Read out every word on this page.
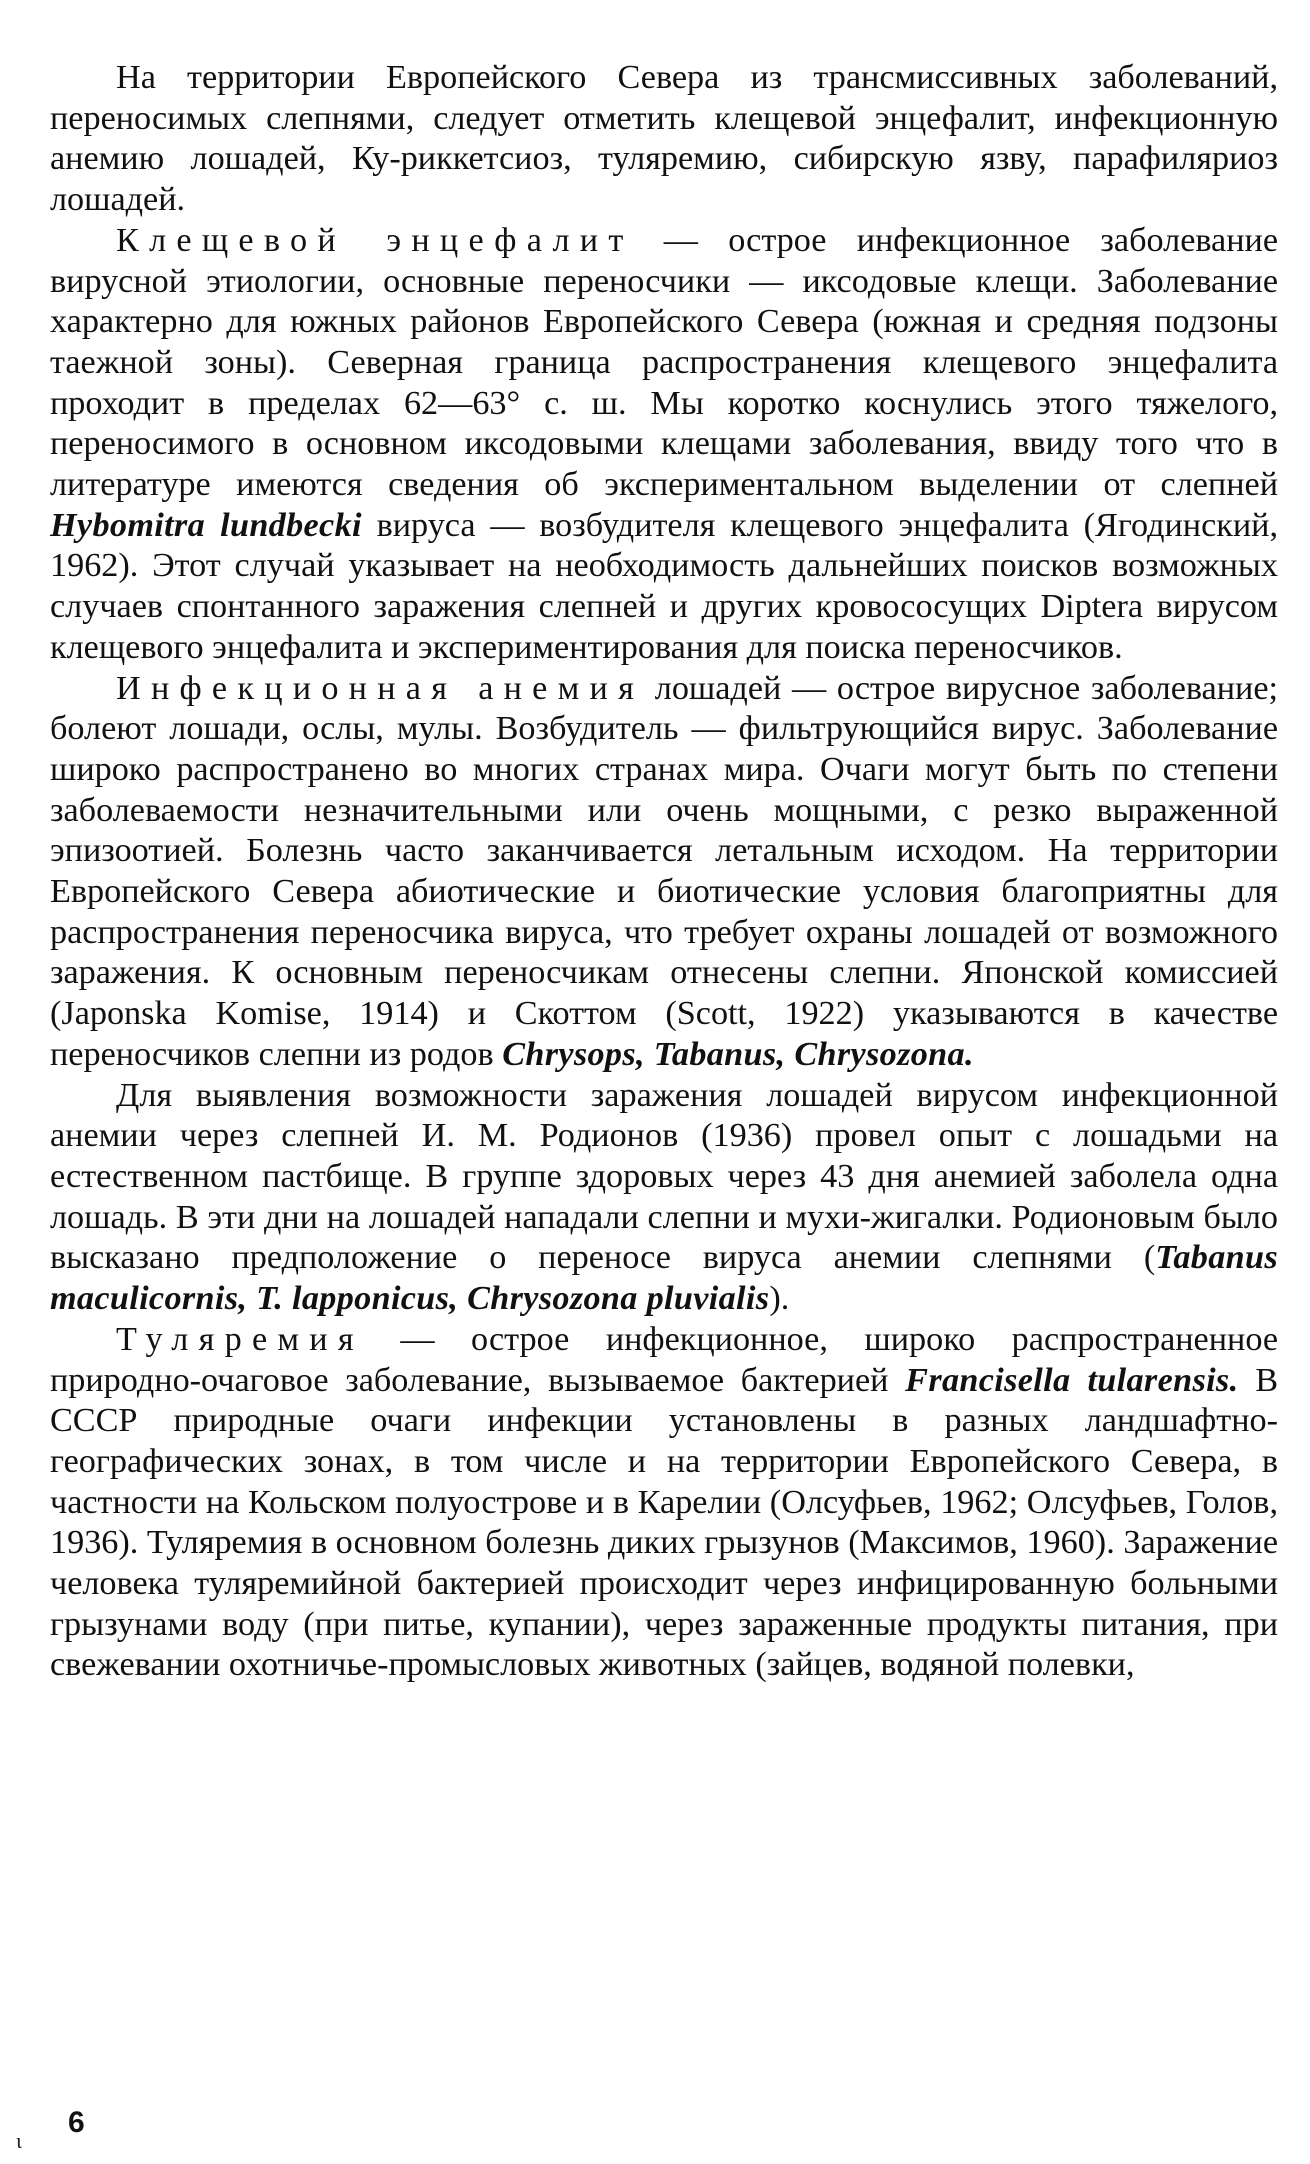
На территории Европейского Севера из трансмиссивных заболеваний, переносимых слепнями, следует отметить клещевой энцефалит, инфекционную анемию лошадей, Ку-риккетсиоз, туляремию, сибирскую язву, парафиляриоз лошадей.

Клещевой энцефалит — острое инфекционное заболевание вирусной этиологии, основные переносчики — иксодовые клещи. Заболевание характерно для южных районов Европейского Севера (южная и средняя подзоны таежной зоны). Северная граница распространения клещевого энцефалита проходит в пределах 62—63° с. ш. Мы коротко коснулись этого тяжелого, переносимого в основном иксодовыми клещами заболевания, ввиду того что в литературе имеются сведения об экспериментальном выделении от слепней Hybomitra lundbecki вируса — возбудителя клещевого энцефалита (Ягодинский, 1962). Этот случай указывает на необходимость дальнейших поисков возможных случаев спонтанного заражения слепней и других кровососущих Diptera вирусом клещевого энцефалита и экспериментирования для поиска переносчиков.

Инфекционная анемия лошадей — острое вирусное заболевание; болеют лошади, ослы, мулы. Возбудитель — фильтрующийся вирус. Заболевание широко распространено во многих странах мира. Очаги могут быть по степени заболеваемости незначительными или очень мощными, с резко выраженной эпизоотией. Болезнь часто заканчивается летальным исходом. На территории Европейского Севера абиотические и биотические условия благоприятны для распространения переносчика вируса, что требует охраны лошадей от возможного заражения. К основным переносчикам отнесены слепни. Японской комиссией (Japonska Komise, 1914) и Скоттом (Scott, 1922) указываются в качестве переносчиков слепни из родов Chrysops, Tabanus, Chrysozona.

Для выявления возможности заражения лошадей вирусом инфекционной анемии через слепней И. М. Родионов (1936) провел опыт с лошадьми на естественном пастбище. В группе здоровых через 43 дня анемией заболела одна лошадь. В эти дни на лошадей нападали слепни и мухи-жигалки. Родионовым было высказано предположение о переносе вируса анемии слепнями (Tabanus maculicornis, T. lapponicus, Chrysozona pluvialis).

Туляремия — острое инфекционное, широко распространенное природно-очаговое заболевание, вызываемое бактерией Francisella tularensis. В СССР природные очаги инфекции установлены в разных ландшафтно-географических зонах, в том числе и на территории Европейского Севера, в частности на Кольском полуострове и в Карелии (Олсуфьев, 1962; Олсуфьев, Голов, 1936). Туляремия в основном болезнь диких грызунов (Максимов, 1960). Заражение человека туляремийной бактерией происходит через инфицированную больными грызунами воду (при питье, купании), через зараженные продукты питания, при свежевании охотничье-промысловых животных (зайцев, водяной полевки,

6
ι
